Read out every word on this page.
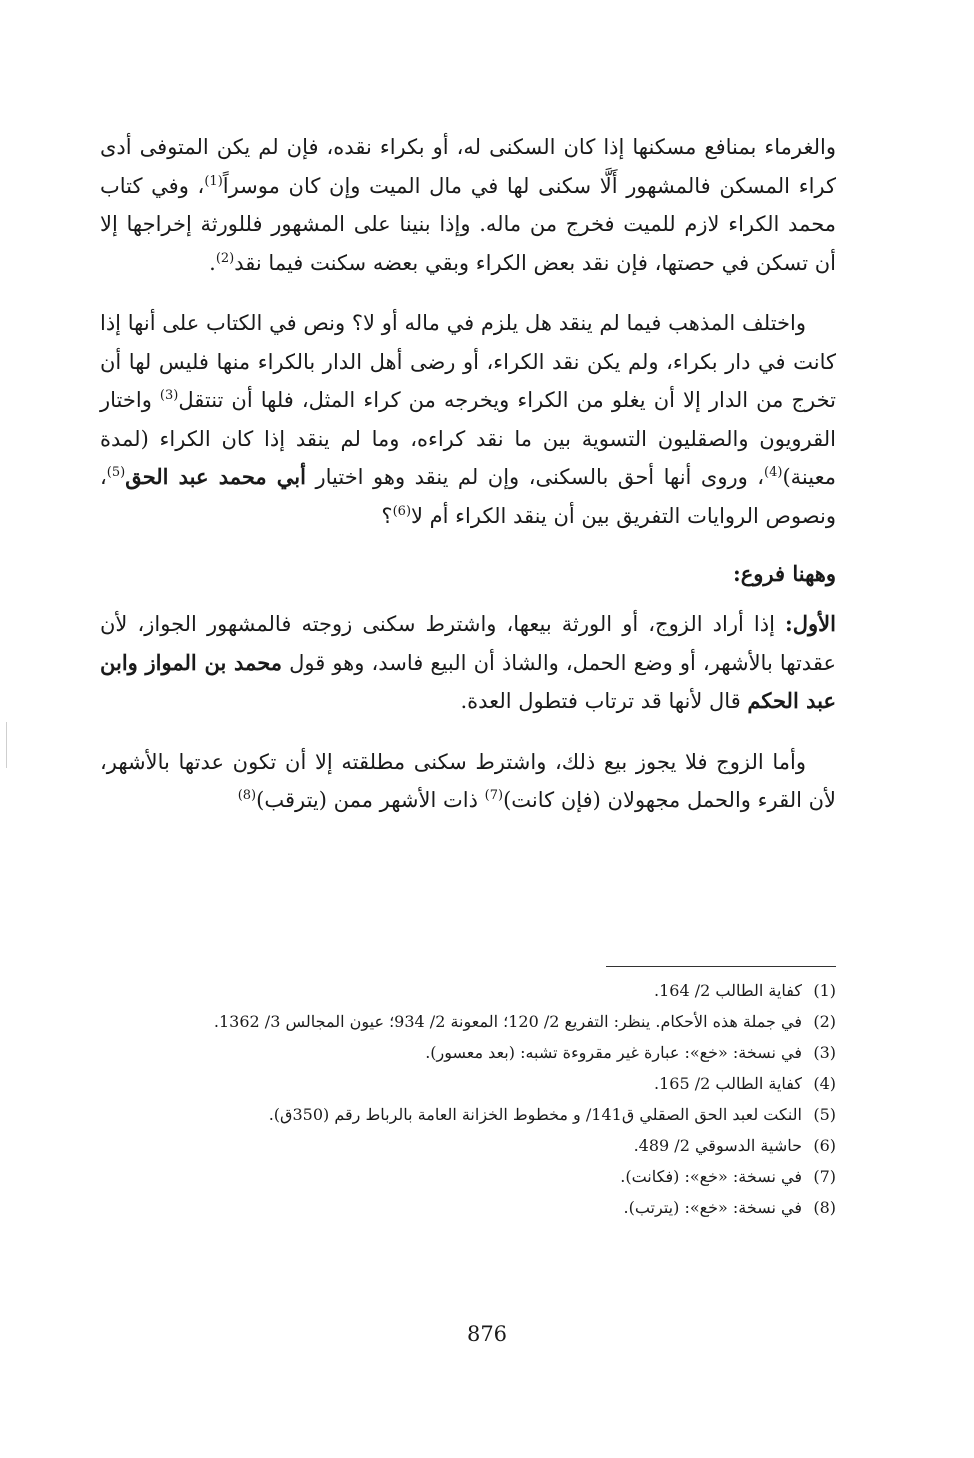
والغرماء بمنافع مسكنها إذا كان السكنى له، أو بكراء نقده، فإن لم يكن المتوفى أدى كراء المسكن فالمشهور أَلَّا سكنى لها في مال الميت وإن كان موسراً$^{(1)}$، وفي كتاب محمد الكراء لازم للميت فخرج من ماله. وإذا بنينا على المشهور فللورثة إخراجها إلا أن تسكن في حصتها، فإن نقد بعض الكراء وبقي بعضه سكنت فيما نقد$^{(2)}$.

واختلف المذهب فيما لم ينقد هل يلزم في ماله أو لا؟ ونص في الكتاب على أنها إذا كانت في دار بكراء، ولم يكن نقد الكراء، أو رضى أهل الدار بالكراء منها فليس لها أن تخرج من الدار إلا أن يغلو من الكراء ويخرجه من كراء المثل، فلها أن تنتقل$^{(3)}$ واختار القرويون والصقليون التسوية بين ما نقد كراءه، وما لم ينقد إذا كان الكراء (لمدة معينة)$^{(4)}$، وروى أنها أحق بالسكنى، وإن لم ينقد وهو اختيار أبي محمد عبد الحق$^{(5)}$، ونصوص الروايات التفريق بين أن ينقد الكراء أم لا$^{(6)}$؟

وههنا فروع:

الأول: إذا أراد الزوج، أو الورثة بيعها، واشترط سكنى زوجته فالمشهور الجواز، لأن عقدتها بالأشهر، أو وضع الحمل، والشاذ أن البيع فاسد، وهو قول محمد بن المواز وابن عبد الحكم قال لأنها قد ترتاب فتطول العدة.

وأما الزوج فلا يجوز بيع ذلك، واشترط سكنى مطلقته إلا أن تكون عدتها بالأشهر، لأن القرء والحمل مجهولان (فإن كانت)$^{(7)}$ ذات الأشهر ممن (يترقب)$^{(8)}$

(1)
كفاية الطالب 2/ 164.
(2)
في جملة هذه الأحكام. ينظر: التفريع 2/ 120؛ المعونة 2/ 934؛ عيون المجالس 3/ 1362.
(3)
في نسخة: «خع»: عبارة غير مقروءة تشبه: (بعد معسور).
(4)
كفاية الطالب 2/ 165.
(5)
النكت لعبد الحق الصقلي ق141/ و مخطوط الخزانة العامة بالرباط رقم (350ق).
(6)
حاشية الدسوقي 2/ 489.
(7)
في نسخة: «خع»: (فكانت).
(8)
في نسخة: «خع»: (يترتب).
876
